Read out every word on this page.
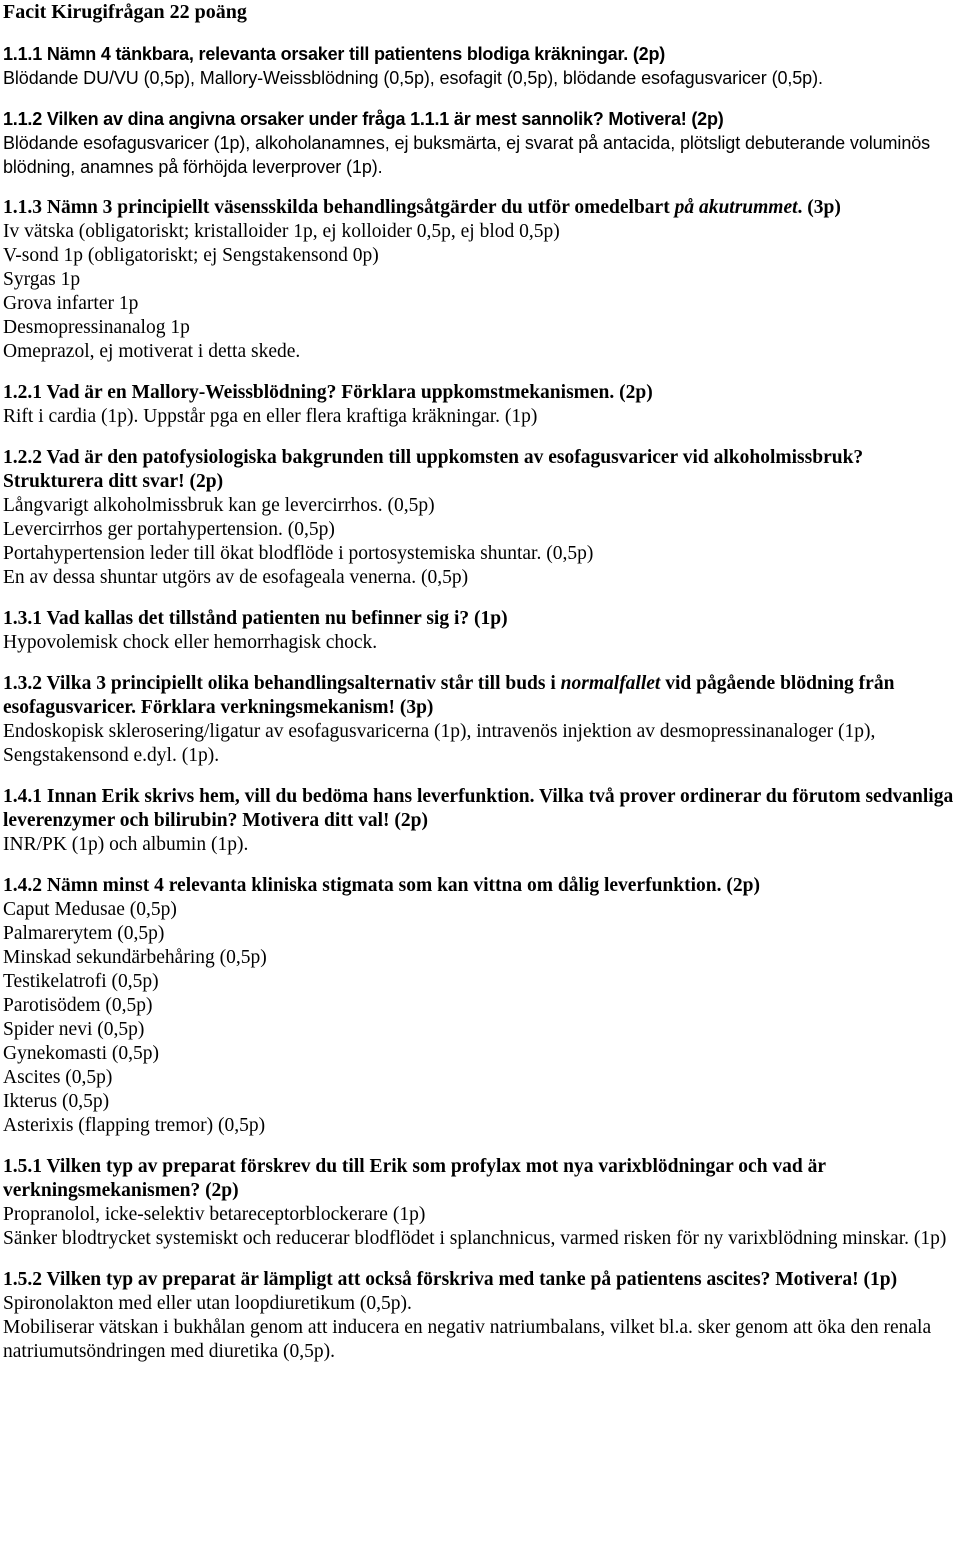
Facit Kirugifrågan 22 poäng
1.1.1 Nämn 4 tänkbara, relevanta orsaker till patientens blodiga kräkningar. (2p)
Blödande DU/VU (0,5p), Mallory-Weissblödning (0,5p), esofagit (0,5p), blödande esofagusvaricer (0,5p).
1.1.2 Vilken av dina angivna orsaker under fråga 1.1.1 är mest sannolik? Motivera! (2p)
Blödande esofagusvaricer (1p), alkoholanamnes, ej buksmärta, ej svarat på antacida, plötsligt debuterande voluminös blödning, anamnes på förhöjda leverprover (1p).
1.1.3 Nämn 3 principiellt väsensskilda behandlingsåtgärder du utför omedelbart på akutrummet. (3p)
Iv vätska (obligatoriskt; kristalloider 1p, ej kolloider 0,5p, ej blod 0,5p)
V-sond 1p (obligatoriskt; ej Sengstakensond 0p)
Syrgas 1p
Grova infarter 1p
Desmopressinanalog 1p
Omeprazol, ej motiverat i detta skede.
1.2.1 Vad är en Mallory-Weissblödning? Förklara uppkomstmekanismen. (2p)
Rift i cardia (1p). Uppstår pga en eller flera kraftiga kräkningar. (1p)
1.2.2 Vad är den patofysiologiska bakgrunden till uppkomsten av esofagusvaricer vid alkoholmissbruk? Strukturera ditt svar! (2p)
Långvarigt alkoholmissbruk kan ge levercirrhos. (0,5p)
Levercirrhos ger portahypertension. (0,5p)
Portahypertension leder till ökat blodflöde i portosystemiska shuntar. (0,5p)
En av dessa shuntar utgörs av de esofageala venerna. (0,5p)
1.3.1 Vad kallas det tillstånd patienten nu befinner sig i? (1p)
Hypovolemisk chock eller hemorrhagisk chock.
1.3.2 Vilka 3 principiellt olika behandlingsalternativ står till buds i normalfallet vid pågående blödning från esofagusvaricer. Förklara verkningsmekanism! (3p)
Endoskopisk sklerosering/ligatur av esofagusvaricerna (1p), intravenös injektion av desmopressinanaloger (1p), Sengstakensond e.dyl. (1p).
1.4.1 Innan Erik skrivs hem, vill du bedöma hans leverfunktion. Vilka två prover ordinerar du förutom sedvanliga leverenzymer och bilirubin? Motivera ditt val! (2p)
INR/PK (1p) och albumin (1p).
1.4.2 Nämn minst 4 relevanta kliniska stigmata som kan vittna om dålig leverfunktion. (2p)
Caput Medusae (0,5p)
Palmarerytem (0,5p)
Minskad sekundärbehåring (0,5p)
Testikelatrofi (0,5p)
Parotisödem (0,5p)
Spider nevi (0,5p)
Gynekomasti (0,5p)
Ascites (0,5p)
Ikterus (0,5p)
Asterixis (flapping tremor) (0,5p)
1.5.1 Vilken typ av preparat förskrev du till Erik som profylax mot nya varixblödningar och vad är verkningsmekanismen? (2p)
Propranolol, icke-selektiv betareceptorblockerare (1p)
Sänker blodtrycket systemiskt och reducerar blodflödet i splanchnicus, varmed risken för ny varixblödning minskar. (1p)
1.5.2 Vilken typ av preparat är lämpligt att också förskriva med tanke på patientens ascites? Motivera! (1p)
Spironolakton med eller utan loopdiuretikum (0,5p).
Mobiliserar vätskan i bukhålan genom att inducera en negativ natriumbalans, vilket bl.a. sker genom att öka den renala natriumutsöndringen med diuretika (0,5p).
